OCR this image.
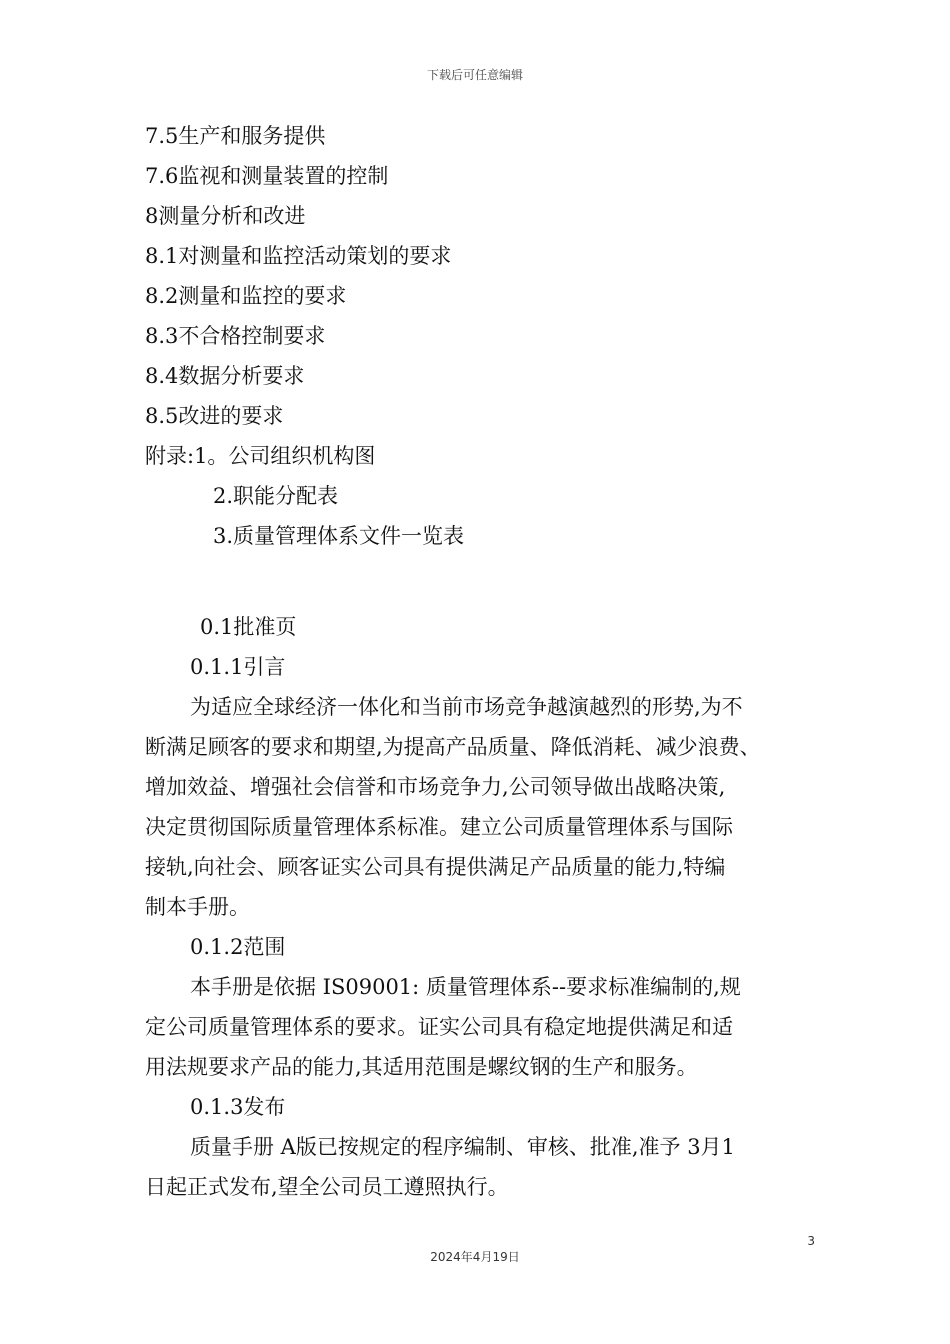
下载后可任意编辑
7.5生产和服务提供
7.6监视和测量装置的控制
8测量分析和改进
8.1对测量和监控活动策划的要求
8.2测量和监控的要求
8.3不合格控制要求
8.4数据分析要求
8.5改进的要求
附录:1。公司组织机构图
2.职能分配表
3.质量管理体系文件一览表
0.1批准页
0.1.1引言
为适应全球经济一体化和当前市场竞争越演越烈的形势,为不
断满足顾客的要求和期望,为提高产品质量、降低消耗、减少浪费、
增加效益、增强社会信誉和市场竞争力,公司领导做出战略决策,
决定贯彻国际质量管理体系标准。建立公司质量管理体系与国际
接轨,向社会、顾客证实公司具有提供满足产品质量的能力,特编
制本手册。
0.1.2范围
本手册是依据 IS09001: 质量管理体系--要求标准编制的,规
定公司质量管理体系的要求。证实公司具有稳定地提供满足和适
用法规要求产品的能力,其适用范围是螺纹钢的生产和服务。
0.1.3发布
质量手册 A版已按规定的程序编制、审核、批准,准予 3月1
日起正式发布,望全公司员工遵照执行。
3
2024年4月19日
